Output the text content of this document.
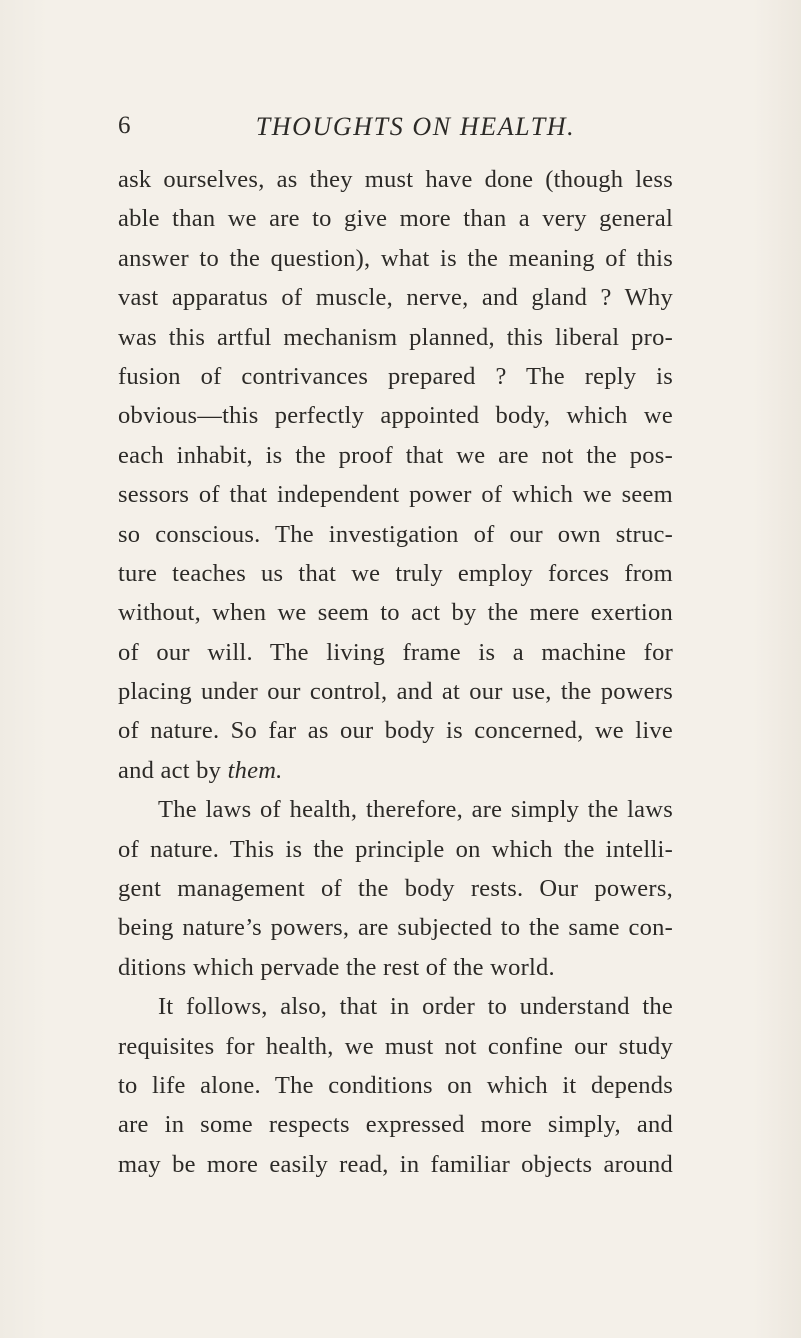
6	THOUGHTS ON HEALTH.
ask ourselves, as they must have done (though less
able than we are to give more than a very general
answer to the question), what is the meaning of this
vast apparatus of muscle, nerve, and gland ? Why
was this artful mechanism planned, this liberal pro-
fusion of contrivances prepared ? The reply is
obvious—this perfectly appointed body, which we
each inhabit, is the proof that we are not the pos-
sessors of that independent power of which we seem
so conscious. The investigation of our own struc-
ture teaches us that we truly employ forces from
without, when we seem to act by the mere exertion
of our will. The living frame is a machine for
placing under our control, and at our use, the powers
of nature. So far as our body is concerned, we live
and act by them.
The laws of health, therefore, are simply the laws
of nature. This is the principle on which the intelli-
gent management of the body rests. Our powers,
being nature’s powers, are subjected to the same con-
ditions which pervade the rest of the world.
It follows, also, that in order to understand the
requisites for health, we must not confine our study
to life alone. The conditions on which it depends
are in some respects expressed more simply, and
may be more easily read, in familiar objects around
